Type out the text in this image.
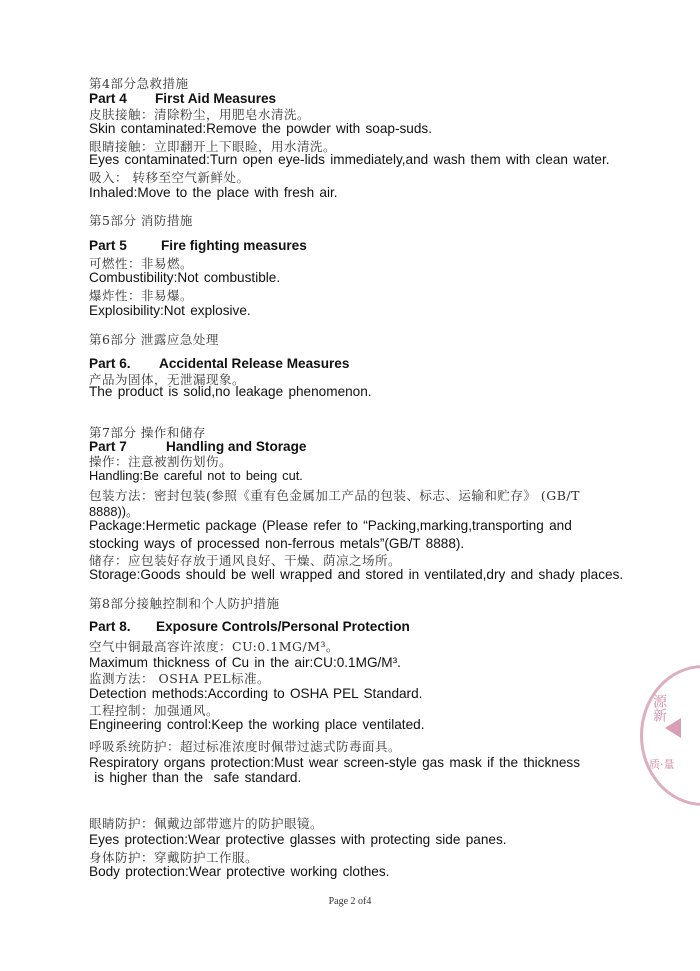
第4部分急救措施
Part 4 First Aid Measures
皮肤接触：清除粉尘，用肥皂水清洗。
Skin contaminated:Remove the powder with soap-suds.
眼睛接触：立即翻开上下眼睑，用水清洗。
Eyes contaminated:Turn open eye-lids immediately,and wash them with clean water.
吸入： 转移至空气新鲜处。
Inhaled:Move to the place with fresh air.
第5部分 消防措施
Part 5	Fire fighting measures
可燃性：非易燃。
Combustibility:Not combustible.
爆炸性：非易爆。
Explosibility:Not explosive.
第6部分 泄露应急处理
Part 6. Accidental Release Measures
产品为固体，无泄漏现象。
The product is solid,no leakage phenomenon.
第7部分 操作和储存
Part 7	Handling and Storage
操作：注意被割伤划伤。
Handling:Be careful not to being cut.
包装方法：密封包装(参照《重有色金属加工产品的包装、标志、运输和贮存》 (GB/T
8888))。
Package:Hermetic package (Please refer to “Packing,marking,transporting and
stocking ways of processed non-ferrous metals”(GB/T 8888).
储存：应包装好存放于通风良好、干燥、荫凉之场所。
Storage:Goods should be well wrapped and stored in ventilated,dry and shady places.
第8部分接触控制和个人防护措施
Part 8. Exposure Controls/Personal Protection
空气中铜最高容许浓度：CU:0.1MG/M³。
Maximum thickness of Cu in the air:CU:0.1MG/M³.
监测方法： OSHA PEL标准。
Detection methods:According to OSHA PEL Standard.
工程控制：加强通风。
Engineering control:Keep the working place ventilated.
呼吸系统防护：超过标准浓度时佩带过滤式防毒面具。
Respiratory organs protection:Must wear screen-style gas mask if the thickness
is higher than the  safe standard.
眼睛防护：佩戴边部带遮片的防护眼镜。
Eyes protection:Wear protective glasses with protecting side panes.
身体防护：穿戴防护工作服。
Body protection:Wear protective working clothes.
Page 2 of4
源新
质·量
